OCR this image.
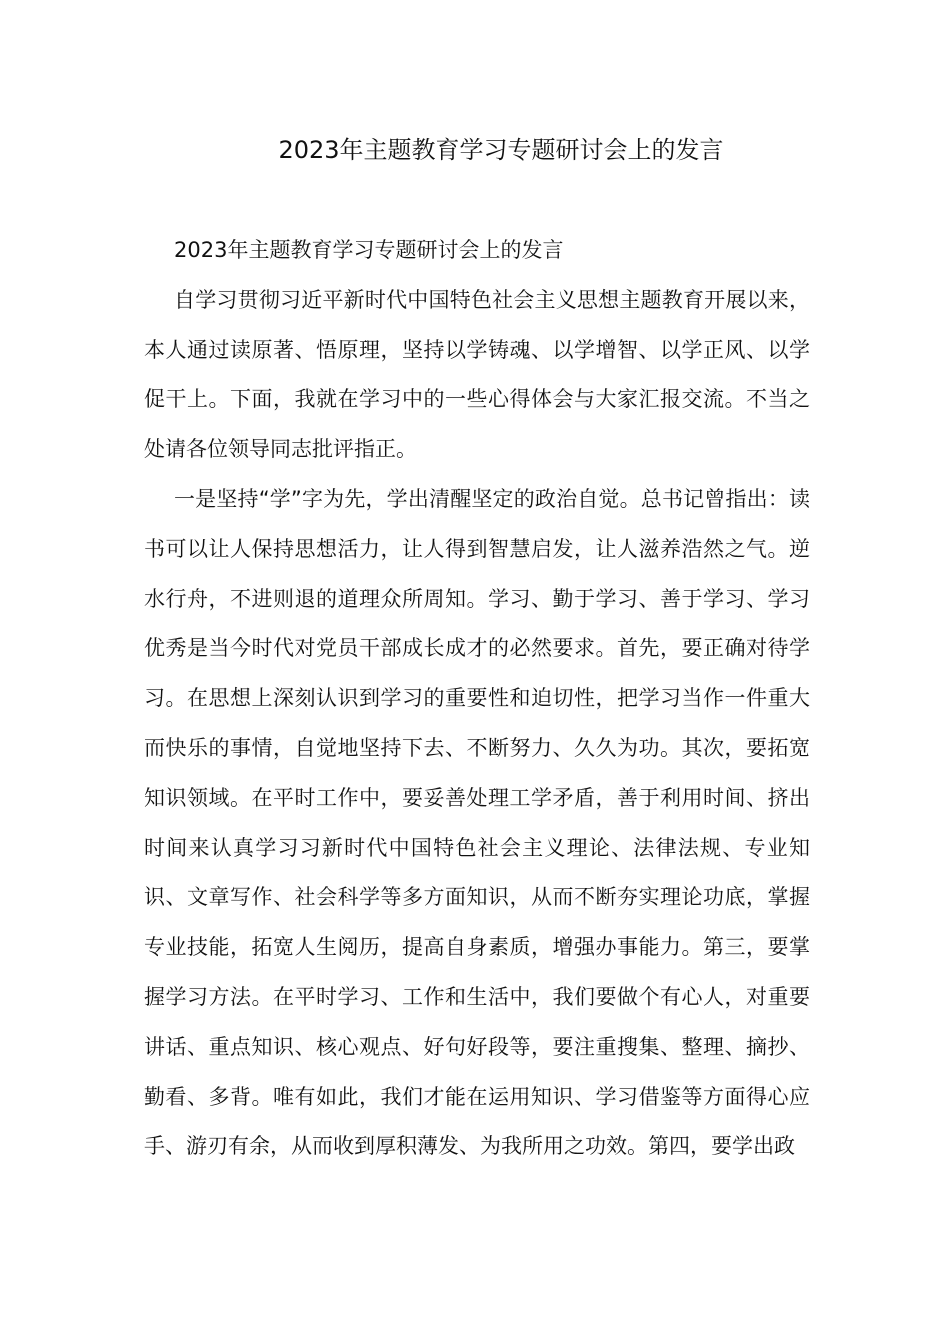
2023年主题教育学习专题研讨会上的发言

2023年主题教育学习专题研讨会上的发言

自学习贯彻习近平新时代中国特色社会主义思想主题教育开展以来，本人通过读原著、悟原理，坚持以学铸魂、以学增智、以学正风、以学促干上。下面，我就在学习中的一些心得体会与大家汇报交流。不当之处请各位领导同志批评指正。

一是坚持“学”字为先，学出清醒坚定的政治自觉。总书记曾指出：读书可以让人保持思想活力，让人得到智慧启发，让人滋养浩然之气。逆水行舟，不进则退的道理众所周知。学习、勤于学习、善于学习、学习优秀是当今时代对党员干部成长成才的必然要求。首先，要正确对待学习。在思想上深刻认识到学习的重要性和迫切性，把学习当作一件重大而快乐的事情，自觉地坚持下去、不断努力、久久为功。其次，要拓宽知识领域。在平时工作中，要妥善处理工学矛盾，善于利用时间、挤出时间来认真学习习新时代中国特色社会主义理论、法律法规、专业知识、文章写作、社会科学等多方面知识，从而不断夯实理论功底，掌握专业技能，拓宽人生阅历，提高自身素质，增强办事能力。第三，要掌握学习方法。在平时学习、工作和生活中，我们要做个有心人，对重要讲话、重点知识、核心观点、好句好段等，要注重搜集、整理、摘抄、勤看、多背。唯有如此，我们才能在运用知识、学习借鉴等方面得心应手、游刃有余，从而收到厚积薄发、为我所用之功效。第四，要学出政
